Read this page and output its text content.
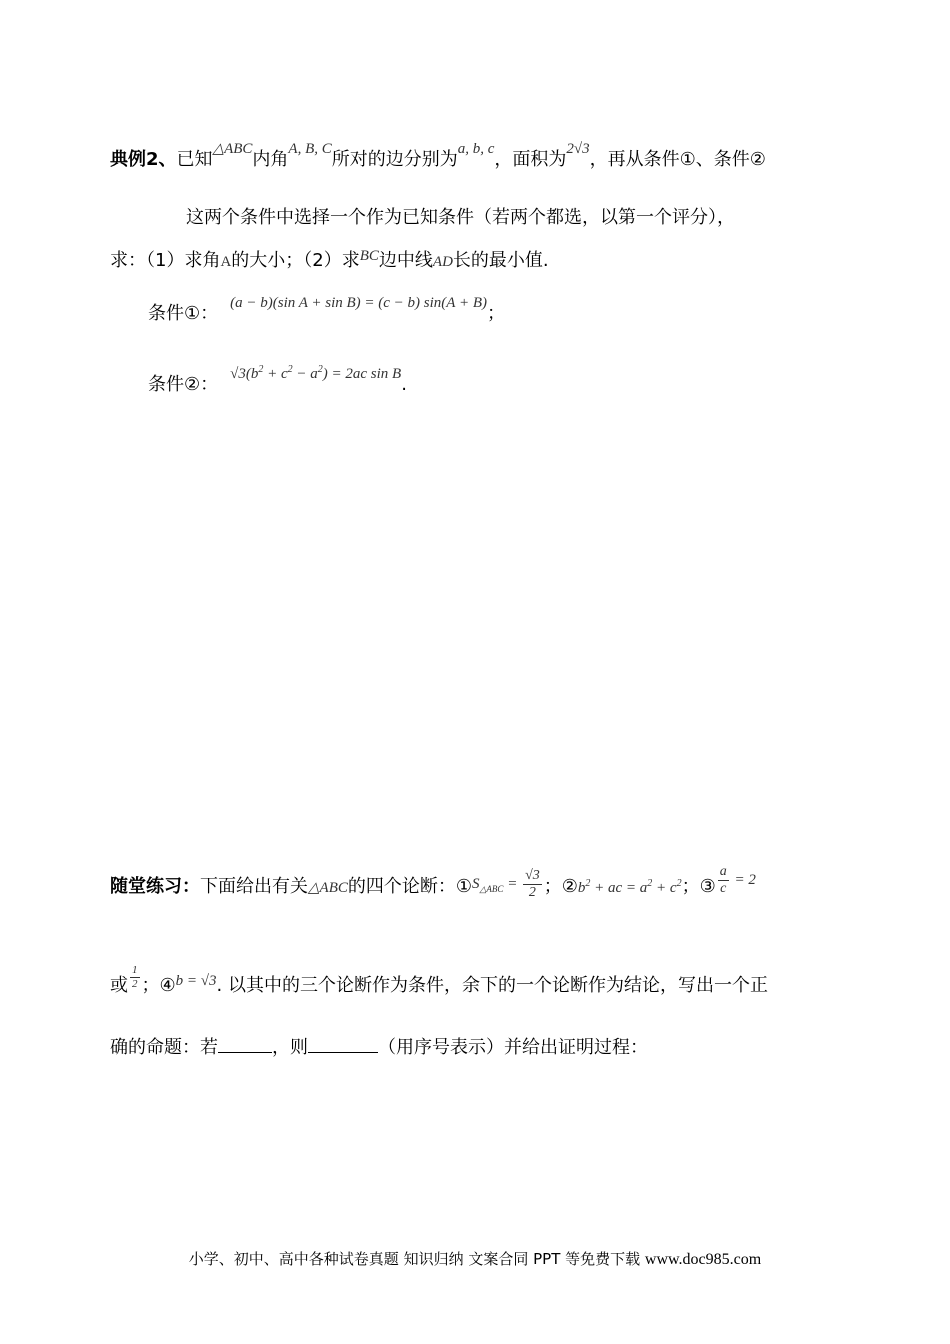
典例2、已知$^{\triangle ABC}$内角$^{A, B, C}$所对的边分别为$^{a, b, c}$，面积为$^{2√3}$，再从条件①、条件②
这两个条件中选择一个作为已知条件（若两个都选，以第一个评分），
求：（1）求角A的大小；（2）求$^{BC}$边中线AD长的最小值.
条件①： $^{(a - b)(sin A + sin B) = (c - b) sin(A + B)}$；
条件②： $^{√3(b^2 + c^2 - a^2) = 2ac sin B}$.
随堂练习：下面给出有关△ABC的四个论断：①$^{S_{\triangle ABC} = \frac{√3}{2}}$ ；$②b^2$ + ac = $a^2 + c^2$；③ $^{\frac{a}{c} = 2}$
或 $^{\frac{1}{2}}$ ；④$^{b = √3}$. 以其中的三个论断作为条件，余下的一个论断作为结论，写出一个正
确的命题：若	，则	（用序号表示）并给出证明过程：
小学、初中、高中各种试卷真题 知识归纳 文案合同 PPT 等免费下载 www.doc985.com
